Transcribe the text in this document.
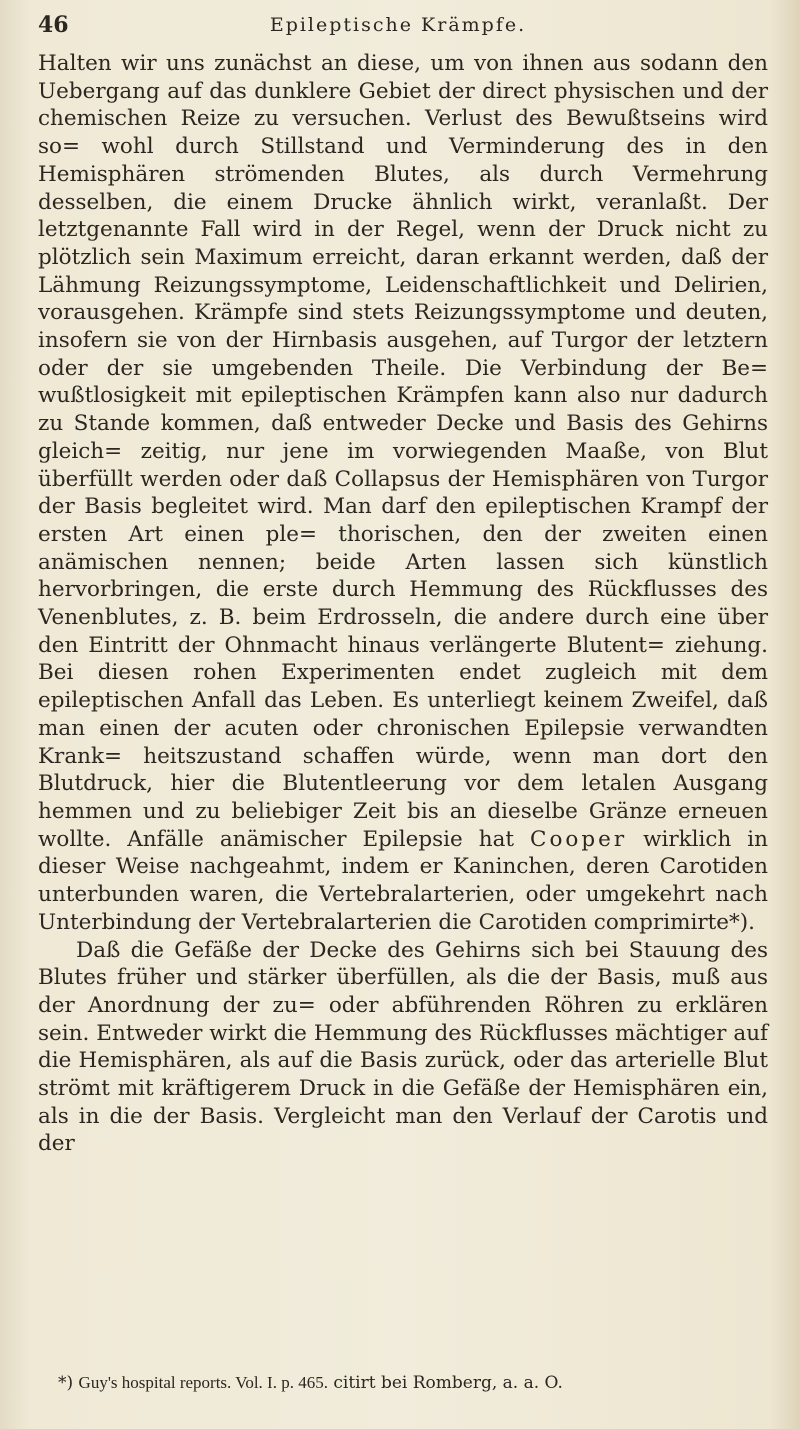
46	Epileptische Krämpfe.

Halten wir uns zunächst an diese, um von ihnen aus sodann den Uebergang auf das dunklere Gebiet der direct physischen und der chemischen Reize zu versuchen. Verlust des Bewußtseins wird so= wohl durch Stillstand und Verminderung des in den Hemisphären strömenden Blutes, als durch Vermehrung desselben, die einem Drucke ähnlich wirkt, veranlaßt. Der letztgenannte Fall wird in der Regel, wenn der Druck nicht zu plötzlich sein Maximum erreicht, daran erkannt werden, daß der Lähmung Reizungssymptome, Leidenschaftlichkeit und Delirien, vorausgehen. Krämpfe sind stets Reizungssymptome und deuten, insofern sie von der Hirnbasis ausgehen, auf Turgor der letztern oder der sie umgebenden Theile. Die Verbindung der Be= wußtlosigkeit mit epileptischen Krämpfen kann also nur dadurch zu Stande kommen, daß entweder Decke und Basis des Gehirns gleich= zeitig, nur jene im vorwiegenden Maaße, von Blut überfüllt werden oder daß Collapsus der Hemisphären von Turgor der Basis begleitet wird. Man darf den epileptischen Krampf der ersten Art einen ple= thorischen, den der zweiten einen anämischen nennen; beide Arten lassen sich künstlich hervorbringen, die erste durch Hemmung des Rückflusses des Venenblutes, z. B. beim Erdrosseln, die andere durch eine über den Eintritt der Ohnmacht hinaus verlängerte Blutent= ziehung. Bei diesen rohen Experimenten endet zugleich mit dem epileptischen Anfall das Leben. Es unterliegt keinem Zweifel, daß man einen der acuten oder chronischen Epilepsie verwandten Krank= heitszustand schaffen würde, wenn man dort den Blutdruck, hier die Blutentleerung vor dem letalen Ausgang hemmen und zu beliebiger Zeit bis an dieselbe Gränze erneuen wollte. Anfälle anämischer Epilepsie hat Cooper wirklich in dieser Weise nachgeahmt, indem er Kaninchen, deren Carotiden unterbunden waren, die Vertebralarterien, oder umgekehrt nach Unterbindung der Vertebralarterien die Carotiden comprimirte*).

Daß die Gefäße der Decke des Gehirns sich bei Stauung des Blutes früher und stärker überfüllen, als die der Basis, muß aus der Anordnung der zu= oder abführenden Röhren zu erklären sein. Entweder wirkt die Hemmung des Rückflusses mächtiger auf die Hemisphären, als auf die Basis zurück, oder das arterielle Blut strömt mit kräftigerem Druck in die Gefäße der Hemisphären ein, als in die der Basis. Vergleicht man den Verlauf der Carotis und der

*) Guy's hospital reports. Vol. I. p. 465. citirt bei Romberg, a. a. O.
